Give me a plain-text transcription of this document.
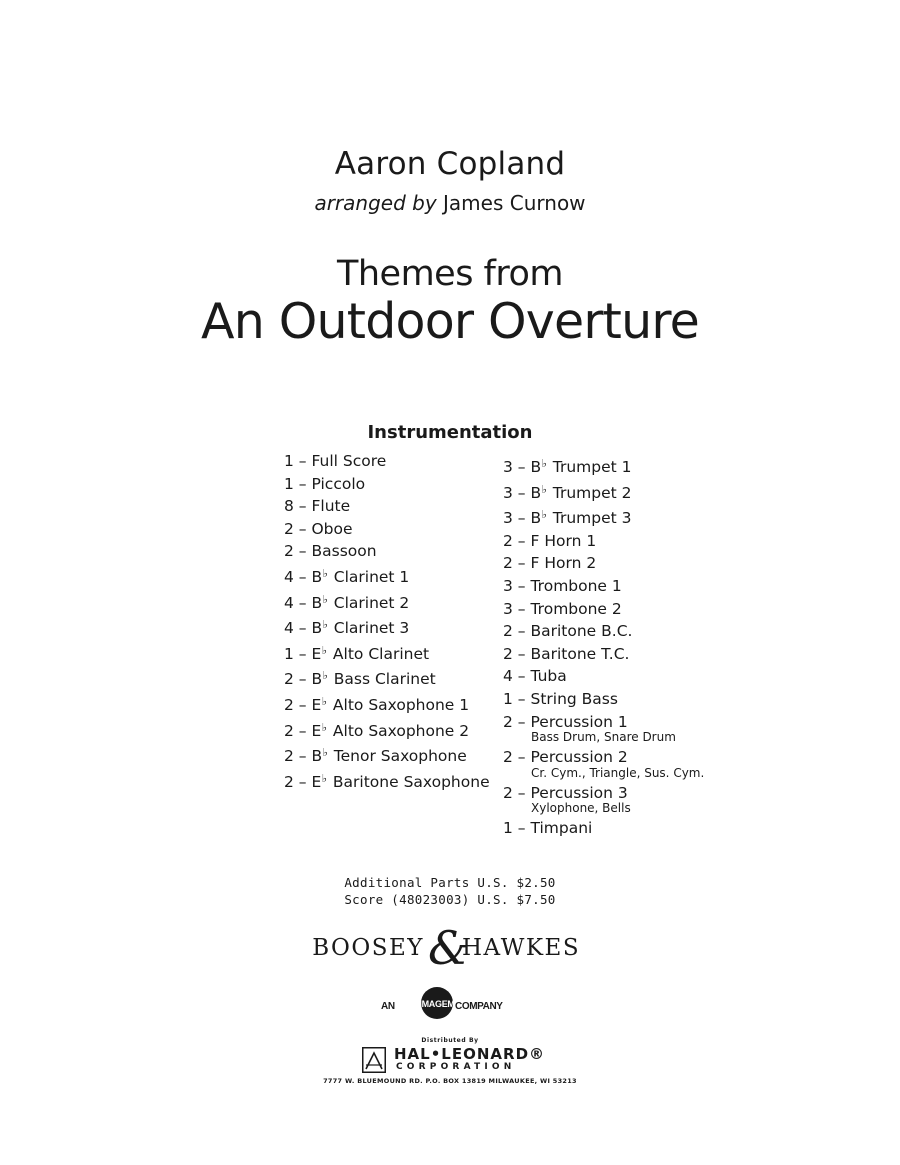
Aaron Copland
arranged by James Curnow
Themes from
An Outdoor Overture
Instrumentation
1 – Full Score
1 – Piccolo
8 – Flute
2 – Oboe
2 – Bassoon
4 – B♭ Clarinet 1
4 – B♭ Clarinet 2
4 – B♭ Clarinet 3
1 – E♭ Alto Clarinet
2 – B♭ Bass Clarinet
2 – E♭ Alto Saxophone 1
2 – E♭ Alto Saxophone 2
2 – B♭ Tenor Saxophone
2 – E♭ Baritone Saxophone
3 – B♭ Trumpet 1
3 – B♭ Trumpet 2
3 – B♭ Trumpet 3
2 – F Horn 1
2 – F Horn 2
3 – Trombone 1
3 – Trombone 2
2 – Baritone B.C.
2 – Baritone T.C.
4 – Tuba
1 – String Bass
2 – Percussion 1
Bass Drum, Snare Drum
2 – Percussion 2
Cr. Cym., Triangle, Sus. Cym.
2 – Percussion 3
Xylophone, Bells
1 – Timpani
Additional Parts U.S. $2.50
Score (48023003) U.S. $7.50
BOOSEY &
HAWKES
AN	IMAGEM COMPANY
Distributed By
HAL•LEONARD®
CORPORATION
7777 W. BLUEMOUND RD. P.O. BOX 13819 MILWAUKEE, WI 53213
